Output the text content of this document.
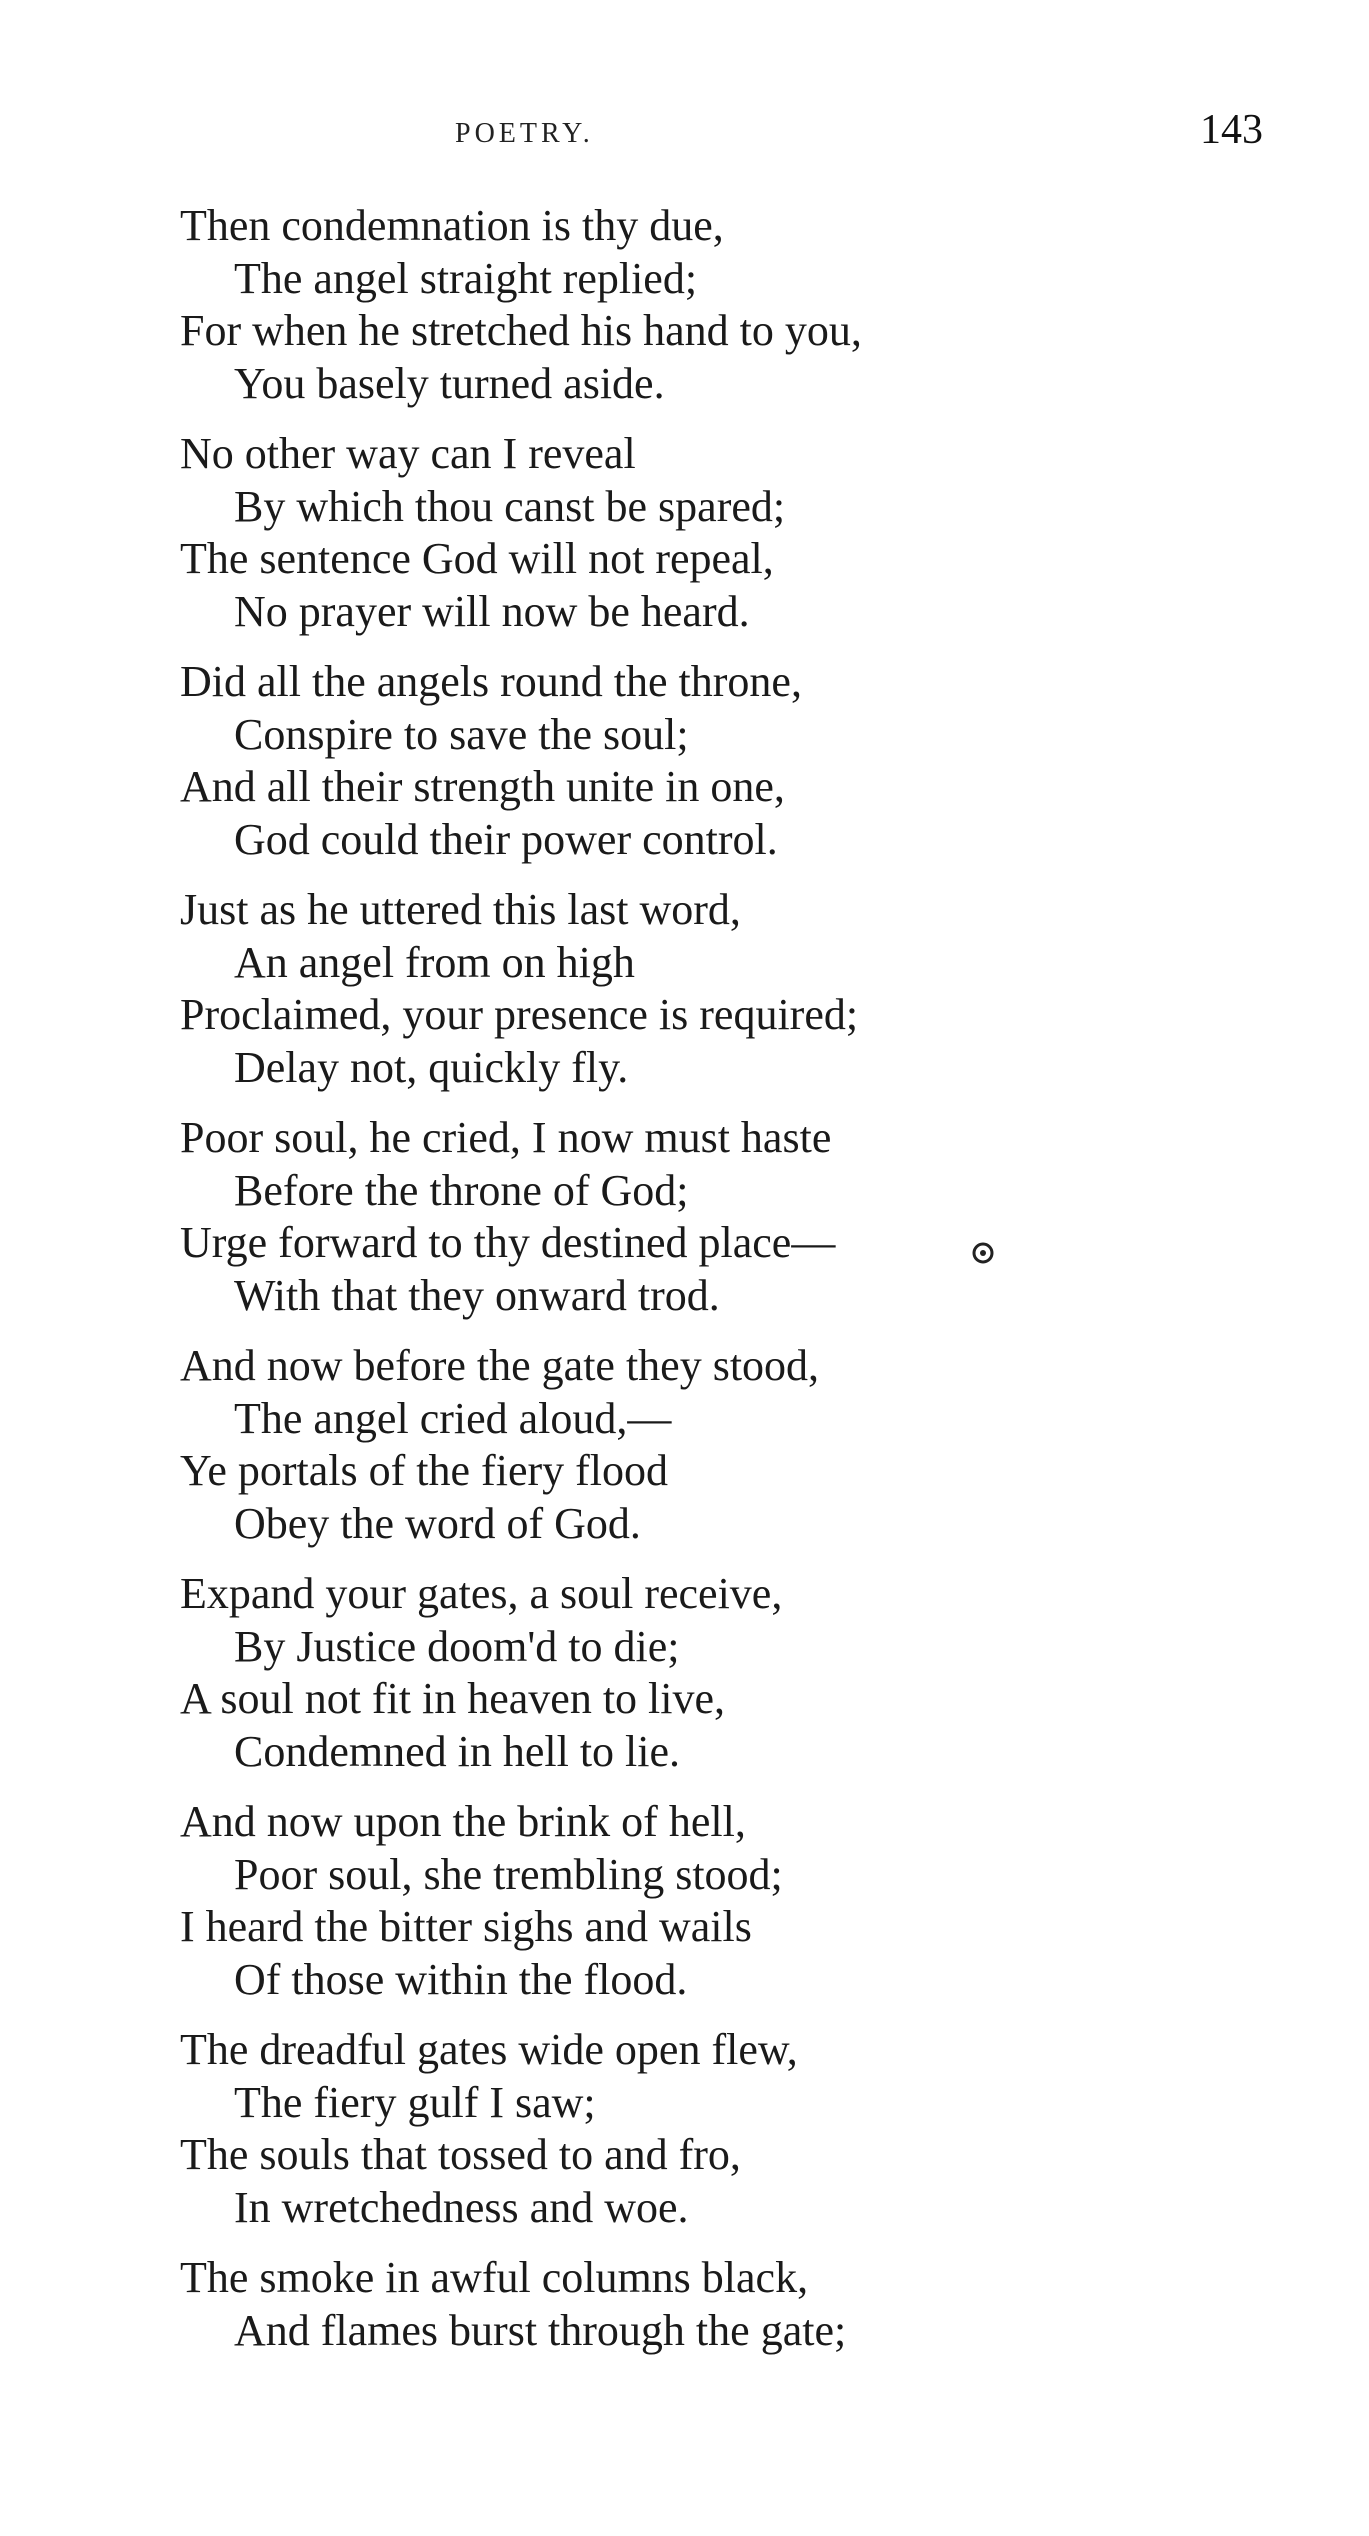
POETRY.	143
Then condemnation is thy due,
The angel straight replied;
For when he stretched his hand to you,
You basely turned aside.
No other way can I reveal
By which thou canst be spared;
The sentence God will not repeal,
No prayer will now be heard.
Did all the angels round the throne,
Conspire to save the soul;
And all their strength unite in one,
God could their power control.
Just as he uttered this last word,
An angel from on high
Proclaimed, your presence is required;
Delay not, quickly fly.
Poor soul, he cried, I now must haste
Before the throne of God;
Urge forward to thy destined place—
With that they onward trod.
And now before the gate they stood,
The angel cried aloud,—
Ye portals of the fiery flood
Obey the word of God.
Expand your gates, a soul receive,
By Justice doom'd to die;
A soul not fit in heaven to live,
Condemned in hell to lie.
And now upon the brink of hell,
Poor soul, she trembling stood;
I heard the bitter sighs and wails
Of those within the flood.
The dreadful gates wide open flew,
The fiery gulf I saw;
The souls that tossed to and fro,
In wretchedness and woe.
The smoke in awful columns black,
And flames burst through the gate;
